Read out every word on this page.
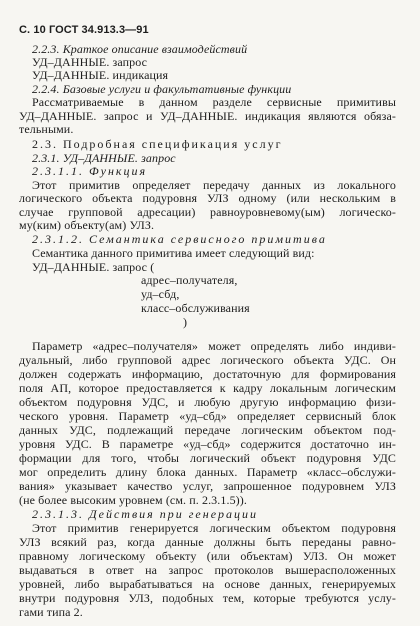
С. 10 ГОСТ 34.913.3—91
2.2.3. Краткое описание взаимодействий
УД–ДАННЫЕ. запрос
УД–ДАННЫЕ. индикация
2.2.4. Базовые услуги и факультативные функции
Рассматриваемые в данном разделе сервисные примитивы
УД–ДАННЫЕ. запрос и УД–ДАННЫЕ. индикация являются обяза-
тельными.
2.3. Подробная спецификация услуг
2.3.1. УД–ДАННЫЕ. запрос
2.3.1.1. Функция
Этот примитив определяет передачу данных из локального
логического объекта подуровня УЛЗ одному (или нескольким в
случае групповой адресации) равноуровневому(ым) логическо-
му(ким) объекту(ам) УЛЗ.
2.3.1.2. Семантика сервисного примитива
Семантика данного примитива имеет следующий вид:
УД–ДАННЫЕ. запрос (
адрес–получателя,
уд–сбд,
класс–обслуживания
)
Параметр «адрес–получателя» может определять либо индиви-
дуальный, либо групповой адрес логического объекта УДС. Он
должен содержать информацию, достаточную для формирования
поля АП, которое предоставляется к кадру локальным логическим
объектом подуровня УДС, и любую другую информацию физи-
ческого уровня. Параметр «уд–сбд» определяет сервисный блок
данных УДС, подлежащий передаче логическим объектом под-
уровня УДС. В параметре «уд–сбд» содержится достаточно ин-
формации для того, чтобы логический объект подуровня УДС
мог определить длину блока данных. Параметр «класс–обслужи-
вания» указывает качество услуг, запрошенное подуровнем УЛЗ
(не более высоким уровнем (см. п. 2.3.1.5)).
2.3.1.3. Действия при генерации
Этот примитив генерируется логическим объектом подуровня
УЛЗ всякий раз, когда данные должны быть переданы равно-
правному логическому объекту (или объектам) УЛЗ. Он может
выдаваться в ответ на запрос протоколов вышерасположенных
уровней, либо вырабатываться на основе данных, генерируемых
внутри подуровня УЛЗ, подобных тем, которые требуются услу-
гами типа 2.
